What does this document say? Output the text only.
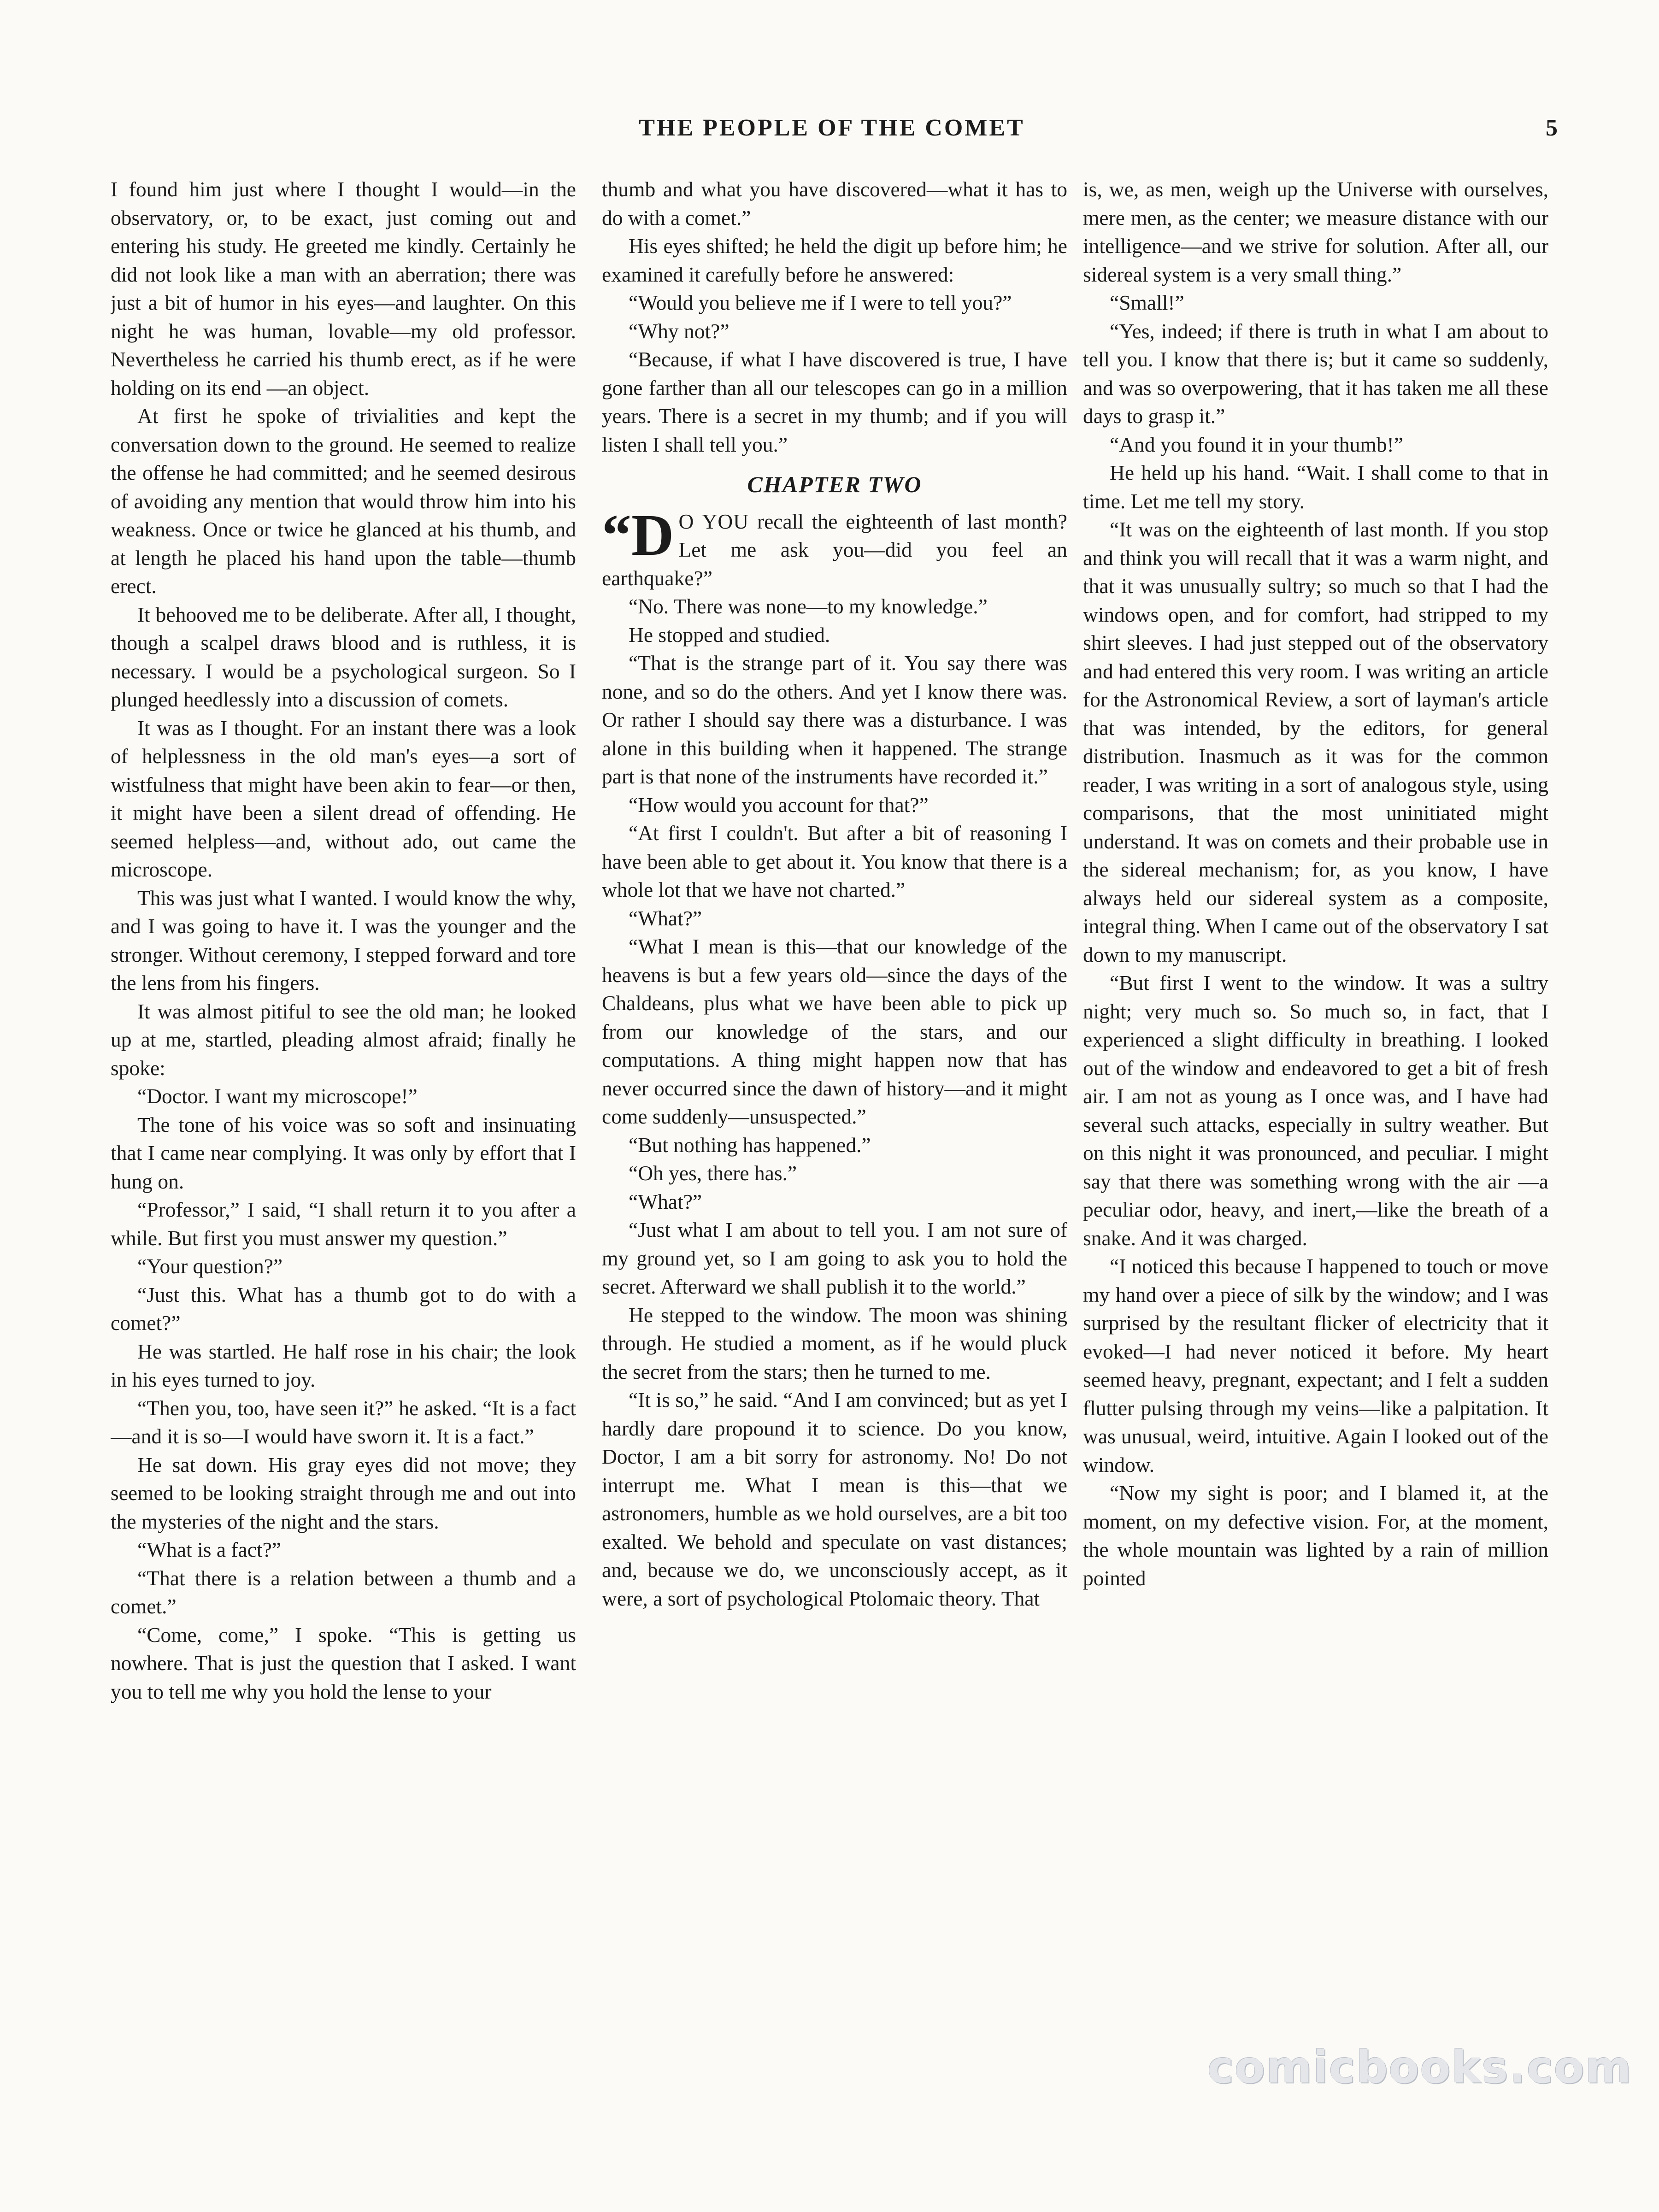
THE PEOPLE OF THE COMET	5

I found him just where I thought I would—in the observatory, or, to be exact, just coming out and entering his study. He greeted me kindly. Certainly he did not look like a man with an aberration; there was just a bit of humor in his eyes—and laughter. On this night he was human, lovable—my old professor. Nevertheless he carried his thumb erect, as if he were holding on its end —an object.

At first he spoke of trivialities and kept the conversation down to the ground. He seemed to realize the offense he had committed; and he seemed desirous of avoiding any mention that would throw him into his weakness. Once or twice he glanced at his thumb, and at length he placed his hand upon the table—thumb erect.

It behooved me to be deliberate. After all, I thought, though a scalpel draws blood and is ruthless, it is necessary. I would be a psychological surgeon. So I plunged heedlessly into a discussion of comets.

It was as I thought. For an instant there was a look of helplessness in the old man's eyes—a sort of wistfulness that might have been akin to fear—or then, it might have been a silent dread of offending. He seemed helpless—and, without ado, out came the microscope.

This was just what I wanted. I would know the why, and I was going to have it. I was the younger and the stronger. Without ceremony, I stepped forward and tore the lens from his fingers.

It was almost pitiful to see the old man; he looked up at me, startled, pleading almost afraid; finally he spoke:

“Doctor. I want my microscope!”

The tone of his voice was so soft and insinuating that I came near complying. It was only by effort that I hung on.

“Professor,” I said, “I shall return it to you after a while. But first you must answer my question.”

“Your question?”

“Just this. What has a thumb got to do with a comet?”

He was startled. He half rose in his chair; the look in his eyes turned to joy.

“Then you, too, have seen it?” he asked. “It is a fact—and it is so—I would have sworn it. It is a fact.”

He sat down. His gray eyes did not move; they seemed to be looking straight through me and out into the mysteries of the night and the stars.

“What is a fact?”

“That there is a relation between a thumb and a comet.”

“Come, come,” I spoke. “This is getting us nowhere. That is just the question that I asked. I want you to tell me why you hold the lense to your

thumb and what you have discovered—what it has to do with a comet.”

His eyes shifted; he held the digit up before him; he examined it carefully before he answered:

“Would you believe me if I were to tell you?”

“Why not?”

“Because, if what I have discovered is true, I have gone farther than all our telescopes can go in a million years. There is a secret in my thumb; and if you will listen I shall tell you.”

CHAPTER TWO

“D O YOU recall the eighteenth of last month? Let me ask you—did you feel an earthquake?”

“No. There was none—to my knowledge.”

He stopped and studied.

“That is the strange part of it. You say there was none, and so do the others. And yet I know there was. Or rather I should say there was a disturbance. I was alone in this building when it happened. The strange part is that none of the instruments have recorded it.”

“How would you account for that?”

“At first I couldn't. But after a bit of reasoning I have been able to get about it. You know that there is a whole lot that we have not charted.”

“What?”

“What I mean is this—that our knowledge of the heavens is but a few years old—since the days of the Chaldeans, plus what we have been able to pick up from our knowledge of the stars, and our computations. A thing might happen now that has never occurred since the dawn of history—and it might come suddenly—unsuspected.”

“But nothing has happened.”

“Oh yes, there has.”

“What?”

“Just what I am about to tell you. I am not sure of my ground yet, so I am going to ask you to hold the secret. Afterward we shall publish it to the world.”

He stepped to the window. The moon was shining through. He studied a moment, as if he would pluck the secret from the stars; then he turned to me.

“It is so,” he said. “And I am convinced; but as yet I hardly dare propound it to science. Do you know, Doctor, I am a bit sorry for astronomy. No! Do not interrupt me. What I mean is this—that we astronomers, humble as we hold ourselves, are a bit too exalted. We behold and speculate on vast distances; and, because we do, we unconsciously accept, as it were, a sort of psychological Ptolomaic theory. That

is, we, as men, weigh up the Universe with ourselves, mere men, as the center; we measure distance with our intelligence—and we strive for solution. After all, our sidereal system is a very small thing.”

“Small!”

“Yes, indeed; if there is truth in what I am about to tell you. I know that there is; but it came so suddenly, and was so overpowering, that it has taken me all these days to grasp it.”

“And you found it in your thumb!”

He held up his hand. “Wait. I shall come to that in time. Let me tell my story.

“It was on the eighteenth of last month. If you stop and think you will recall that it was a warm night, and that it was unusually sultry; so much so that I had the windows open, and for comfort, had stripped to my shirt sleeves. I had just stepped out of the observatory and had entered this very room. I was writing an article for the Astronomical Review, a sort of layman's article that was intended, by the editors, for general distribution. Inasmuch as it was for the common reader, I was writing in a sort of analogous style, using comparisons, that the most uninitiated might understand. It was on comets and their probable use in the sidereal mechanism; for, as you know, I have always held our sidereal system as a composite, integral thing. When I came out of the observatory I sat down to my manuscript.

“But first I went to the window. It was a sultry night; very much so. So much so, in fact, that I experienced a slight difficulty in breathing. I looked out of the window and endeavored to get a bit of fresh air. I am not as young as I once was, and I have had several such attacks, especially in sultry weather. But on this night it was pronounced, and peculiar. I might say that there was something wrong with the air —a peculiar odor, heavy, and inert,—like the breath of a snake. And it was charged.

“I noticed this because I happened to touch or move my hand over a piece of silk by the window; and I was surprised by the resultant flicker of electricity that it evoked—I had never noticed it before. My heart seemed heavy, pregnant, expectant; and I felt a sudden flutter pulsing through my veins—like a palpitation. It was unusual, weird, intuitive. Again I looked out of the window.

“Now my sight is poor; and I blamed it, at the moment, on my defective vision. For, at the moment, the whole mountain was lighted by a rain of million pointed

comicbooks.com
